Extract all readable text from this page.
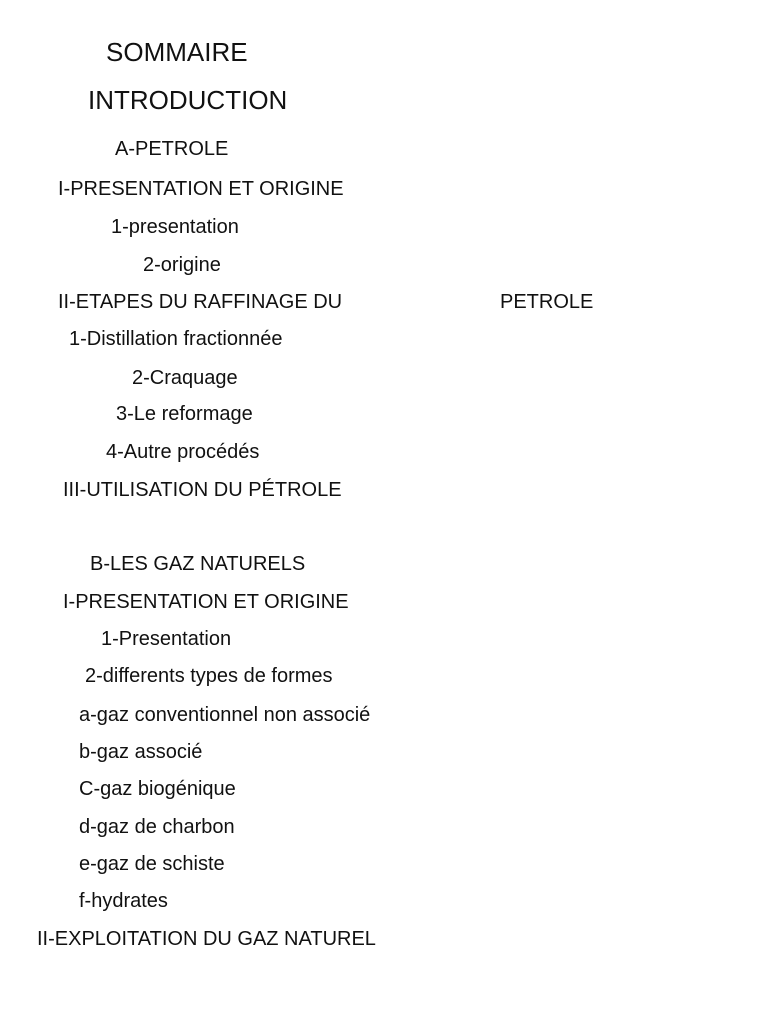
SOMMAIRE
INTRODUCTION
A-PETROLE
I-PRESENTATION ET ORIGINE
1-presentation
2-origine
II-ETAPES DU RAFFINAGE DU	PETROLE
1-Distillation fractionnée
2-Craquage
3-Le reformage
4-Autre procédés
III-UTILISATION DU PÉTROLE
B-LES GAZ NATURELS
I-PRESENTATION ET ORIGINE
1-Presentation
2-differents types de formes
a-gaz conventionnel non associé
b-gaz associé
C-gaz biogénique
d-gaz de charbon
e-gaz de schiste
f-hydrates
II-EXPLOITATION DU GAZ NATUREL
